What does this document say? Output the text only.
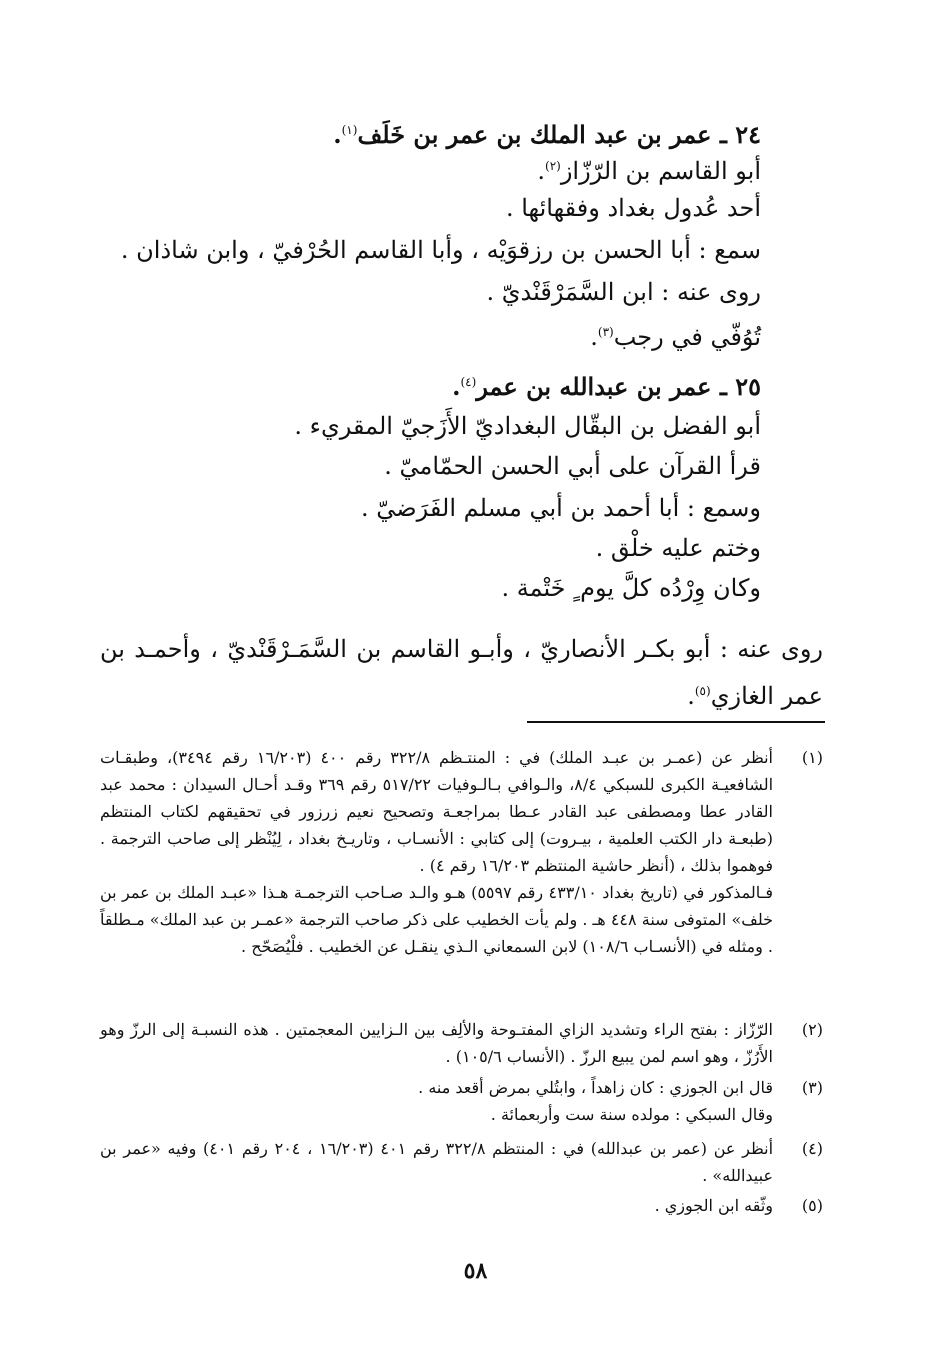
٢٤ ـ عمر بن عبد الملك بن عمر بن خَلَف$^{(١)}$.
أبو القاسم بن الرّزّاز$^{(٢)}$.
أحد عُدول بغداد وفقهائها .
سمع : أبا الحسن بن رزقوَيْه ، وأبا القاسم الحُرْفيّ ، وابن شاذان .
روى عنه : ابن السَّمَرْقَنْديّ .
تُوُفّي في رجب$^{(٣)}$.
٢٥ ـ عمر بن عبدالله بن عمر$^{(٤)}$.
أبو الفضل بن البقّال البغداديّ الأَزَجيّ المقريء .
قرأ القرآن على أبي الحسن الحمّاميّ .
وسمع : أبا أحمد بن أبي مسلم الفَرَضيّ .
وختم عليه خلْق .
وكان وِرْدُه كلَّ يوم ٍ خَتْمة .
روى عنه : أبو بكـر الأنصاريّ ، وأبـو القاسم بن السَّمَـرْقَنْديّ ، وأحمـد بن عمر الغازي$^{(٥)}$.
(١)
أنظر عن (عمـر بن عبـد الملك) في : المنتـظم ٣٢٢/٨ رقم ٤٠٠ (١٦/٢٠٣ رقم ٣٤٩٤)، وطبقـات الشافعيـة الكبرى للسبكي ٨/٤، والـوافي بـالـوفيات ٥١٧/٢٢ رقم ٣٦٩ وقـد أحـال السيدان : محمد عبد القادر عطا ومصطفى عبد القادر عـطا بمراجعـة وتصحيح نعيم زرزور في تحقيقهم لكتاب المنتظم (طبعـة دار الكتب العلمية ، بيـروت) إلى كتابي : الأنسـاب ، وتاريـخ بغداد ، لِيُنْظر إلى صاحب الترجمة . فوهموا بذلك ، (أنظر حاشية المنتظم ١٦/٢٠٣ رقم ٤) .
فـالمذكور في (تاريخ بغداد ٤٣٣/١٠ رقم ٥٥٩٧) هـو والـد صـاحب الترجمـة هـذا «عبـد الملك بن عمر بن خلف» المتوفى سنة ٤٤٨ هـ . ولم يأت الخطيب على ذكر صاحب الترجمة «عمـر بن عبد الملك» مـطلقاً . ومثله في (الأنسـاب ١٠٨/٦) لابن السمعاني الـذي ينقـل عن الخطيب . فلْيُصَحّح .
(٢)
الرّزّاز : بفتح الراء وتشديد الزاي المفتـوحة والألِف بين الـزايين المعجمتين . هذه النسبـة إلى الرزّ وهو الأَرُزّ ، وهو اسم لمن يبيع الرزّ . (الأنساب ١٠٥/٦) .
(٣)
قال ابن الجوزي : كان زاهداً ، وابتُلي بمرض أقعد منه .
وقال السبكي : مولده سنة ست وأربعمائة .
(٤)
أنظر عن (عمر بن عبدالله) في : المنتظم ٣٢٢/٨ رقم ٤٠١ (١٦/٢٠٣ ، ٢٠٤ رقم ٤٠١) وفيه «عمر بن عبيدالله» .
(٥)
وثّقه ابن الجوزي .
٥٨
